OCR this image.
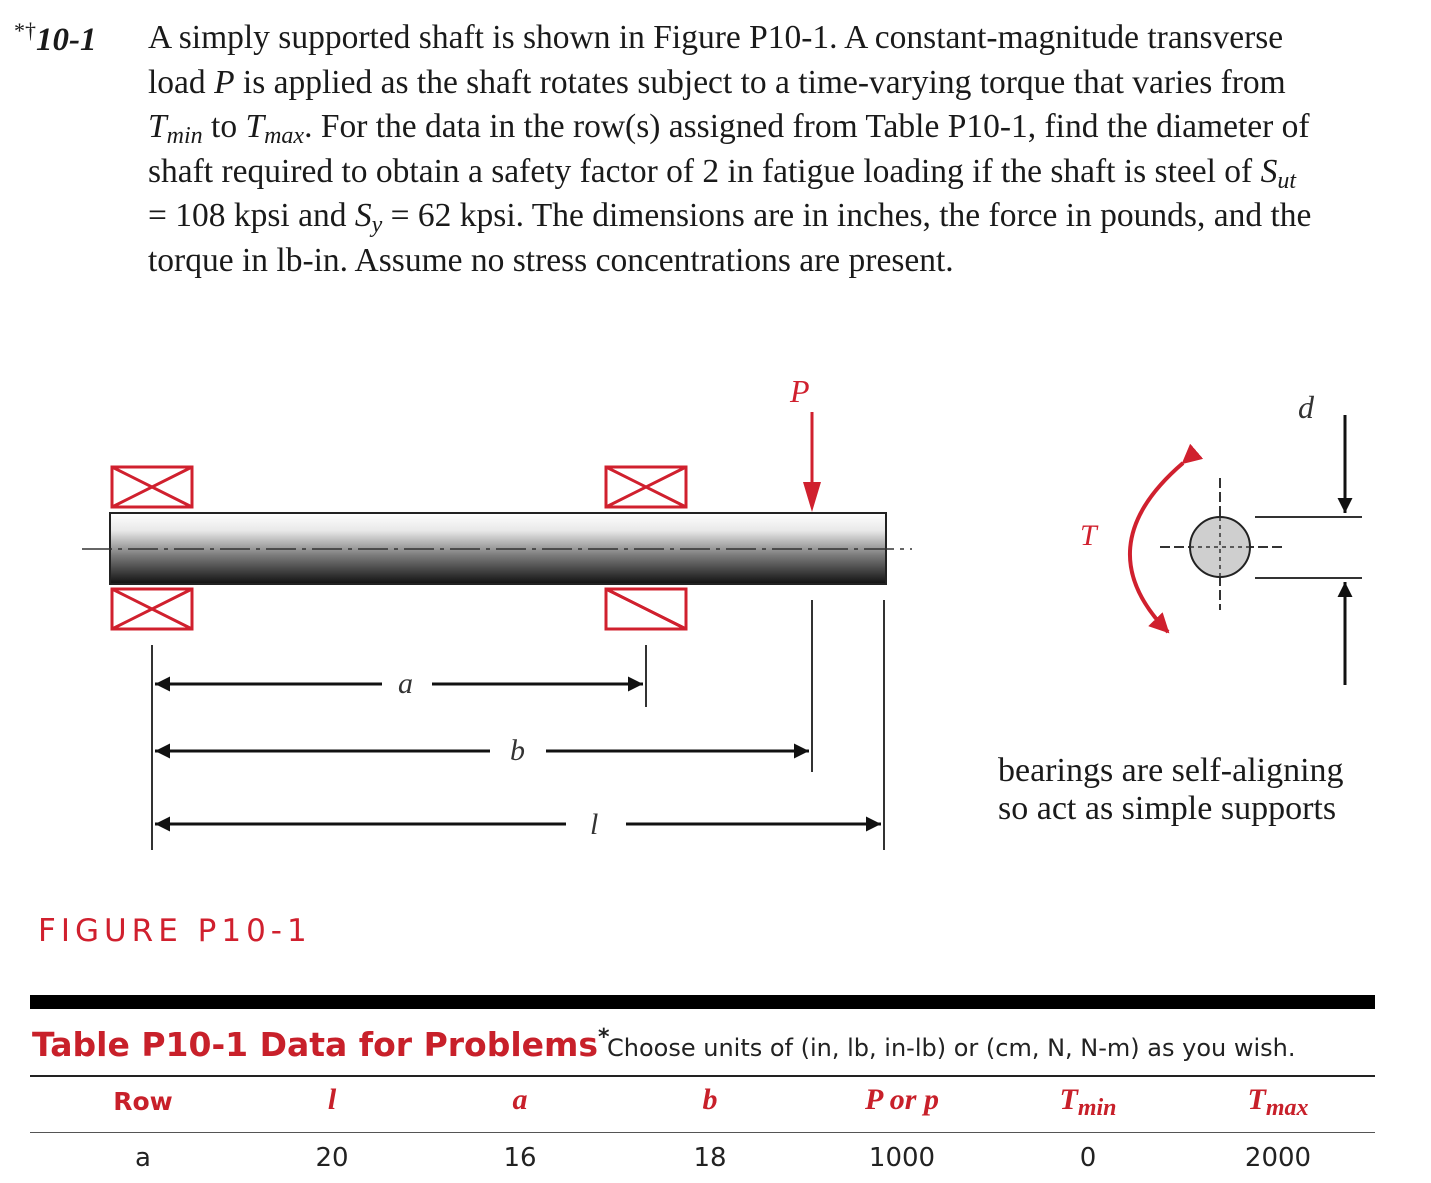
*†10-1 A simply supported shaft is shown in Figure P10-1. A constant-magnitude transverse
load P is applied as the shaft rotates subject to a time-varying torque that varies from
$T_{min}$ to $T_{max}$. For the data in the row(s) assigned from Table P10-1, find the diameter of
shaft required to obtain a safety factor of 2 in fatigue loading if the shaft is steel of $S_{ut}$
= 108 kpsi and $S_y = 62$ kpsi. The dimensions are in inches, the force in pounds, and the
torque in lb-in. Assume no stress concentrations are present.
P
a
b
l
T
d
bearings are self-aligning
so act as simple supports
FIGURE P10-1
Table P10-1 Data for Problems*
Choose units of (in, lb, in-lb) or (cm, N, N-m) as you wish.
Row	l	a	b	P or p	$T_{min}$	$T_{max}$
a	20	16	18	1000	0	2000
